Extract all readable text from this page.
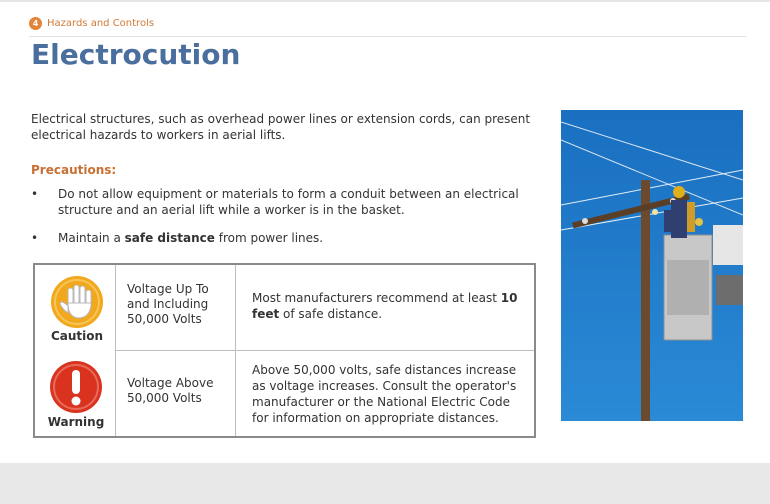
4 Hazards and Controls
Electrocution
Electrical structures, such as overhead power lines or extension cords, can present electrical hazards to workers in aerial lifts.
Precautions:
•	Do not allow equipment or materials to form a conduit between an electrical structure and an aerial lift while a worker is in the basket.
•	Maintain a safe distance from power lines.
Caution
Voltage Up To and Including 50,000 Volts
Most manufacturers recommend at least 10 feet of safe distance.
Warning
Voltage Above 50,000 Volts
Above 50,000 volts, safe distances increase as voltage increases. Consult the operator's manufacturer or the National Electric Code for information on appropriate distances.
